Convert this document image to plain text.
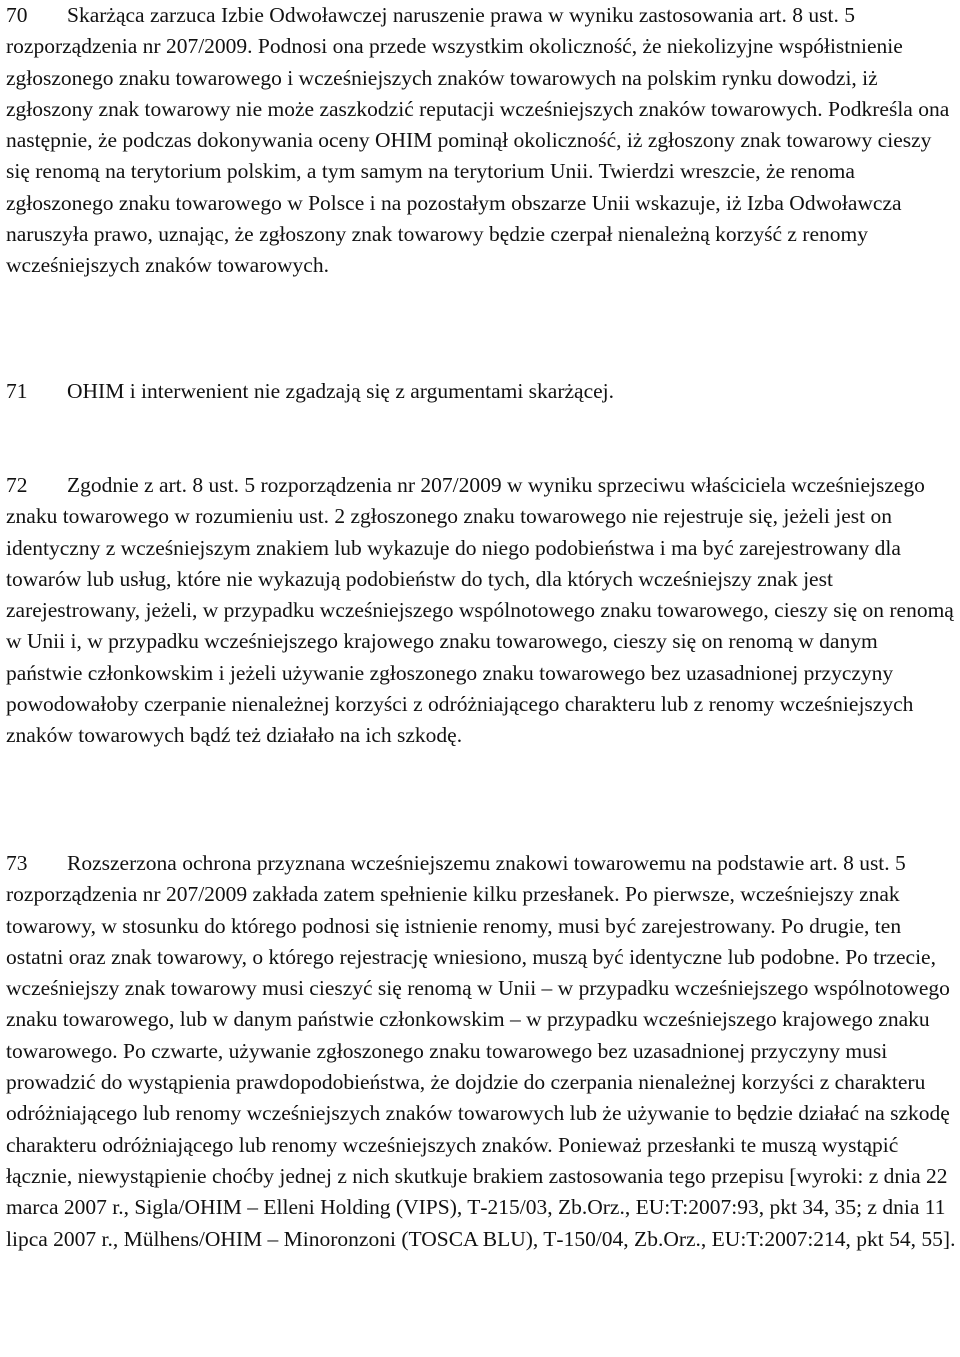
70 Skarżąca zarzuca Izbie Odwoławczej naruszenie prawa w wyniku zastosowania art. 8 ust. 5 rozporządzenia nr 207/2009. Podnosi ona przede wszystkim okoliczność, że niekolizyjne współistnienie zgłoszonego znaku towarowego i wcześniejszych znaków towarowych na polskim rynku dowodzi, iż zgłoszony znak towarowy nie może zaszkodzić reputacji wcześniejszych znaków towarowych. Podkreśla ona następnie, że podczas dokonywania oceny OHIM pominął okoliczność, iż zgłoszony znak towarowy cieszy się renomą na terytorium polskim, a tym samym na terytorium Unii. Twierdzi wreszcie, że renoma zgłoszonego znaku towarowego w Polsce i na pozostałym obszarze Unii wskazuje, iż Izba Odwoławcza naruszyła prawo, uznając, że zgłoszony znak towarowy będzie czerpał nienależną korzyść z renomy wcześniejszych znaków towarowych.

71 OHIM i interwenient nie zgadzają się z argumentami skarżącej.

72 Zgodnie z art. 8 ust. 5 rozporządzenia nr 207/2009 w wyniku sprzeciwu właściciela wcześniejszego znaku towarowego w rozumieniu ust. 2 zgłoszonego znaku towarowego nie rejestruje się, jeżeli jest on identyczny z wcześniejszym znakiem lub wykazuje do niego podobieństwa i ma być zarejestrowany dla towarów lub usług, które nie wykazują podobieństw do tych, dla których wcześniejszy znak jest zarejestrowany, jeżeli, w przypadku wcześniejszego wspólnotowego znaku towarowego, cieszy się on renomą w Unii i, w przypadku wcześniejszego krajowego znaku towarowego, cieszy się on renomą w danym państwie członkowskim i jeżeli używanie zgłoszonego znaku towarowego bez uzasadnionej przyczyny powodowałoby czerpanie nienależnej korzyści z odróżniającego charakteru lub z renomy wcześniejszych znaków towarowych bądź też działało na ich szkodę.

73 Rozszerzona ochrona przyznana wcześniejszemu znakowi towarowemu na podstawie art. 8 ust. 5 rozporządzenia nr 207/2009 zakłada zatem spełnienie kilku przesłanek. Po pierwsze, wcześniejszy znak towarowy, w stosunku do którego podnosi się istnienie renomy, musi być zarejestrowany. Po drugie, ten ostatni oraz znak towarowy, o którego rejestrację wniesiono, muszą być identyczne lub podobne. Po trzecie, wcześniejszy znak towarowy musi cieszyć się renomą w Unii – w przypadku wcześniejszego wspólnotowego znaku towarowego, lub w danym państwie członkowskim – w przypadku wcześniejszego krajowego znaku towarowego. Po czwarte, używanie zgłoszonego znaku towarowego bez uzasadnionej przyczyny musi prowadzić do wystąpienia prawdopodobieństwa, że dojdzie do czerpania nienależnej korzyści z charakteru odróżniającego lub renomy wcześniejszych znaków towarowych lub że używanie to będzie działać na szkodę charakteru odróżniającego lub renomy wcześniejszych znaków. Ponieważ przesłanki te muszą wystąpić łącznie, niewystąpienie choćby jednej z nich skutkuje brakiem zastosowania tego przepisu [wyroki: z dnia 22 marca 2007 r., Sigla/OHIM – Elleni Holding (VIPS), T‑215/03, Zb.Orz., EU:T:2007:93, pkt 34, 35; z dnia 11 lipca 2007 r., Mülhens/OHIM – Minoronzoni (TOSCA BLU), T‑150/04, Zb.Orz., EU:T:2007:214, pkt 54, 55].
